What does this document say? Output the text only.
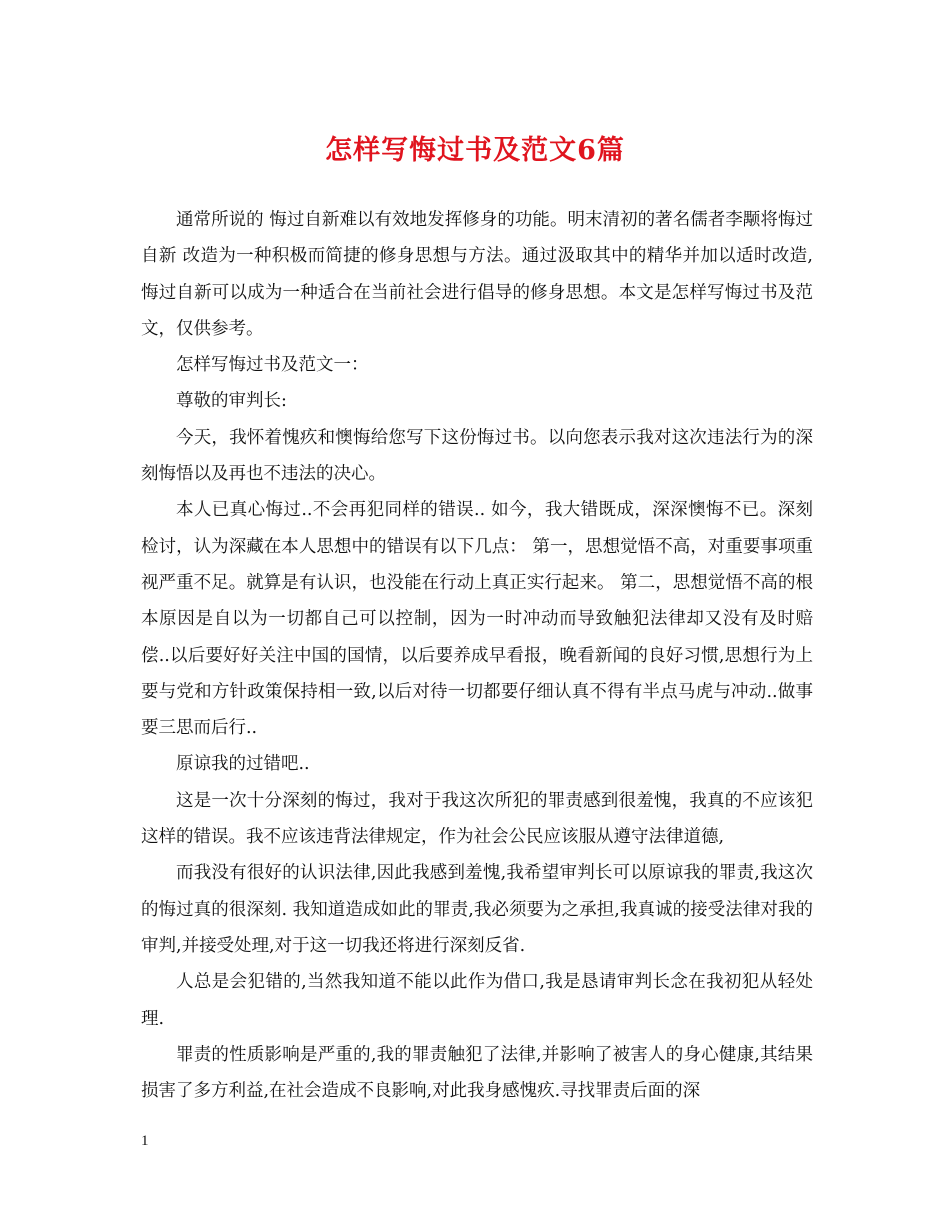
怎样写悔过书及范文6篇

通常所说的 悔过自新难以有效地发挥修身的功能。明末清初的著名儒者李颙将悔过自新 改造为一种积极而简捷的修身思想与方法。通过汲取其中的精华并加以适时改造, 悔过自新可以成为一种适合在当前社会进行倡导的修身思想。本文是怎样写悔过书及范文，仅供参考。

怎样写悔过书及范文一：

尊敬的审判长:

今天，我怀着愧疚和懊悔给您写下这份悔过书。以向您表示我对这次违法行为的深刻悔悟以及再也不违法的决心。

本人已真心悔过..不会再犯同样的错误.. 如今，我大错既成，深深懊悔不已。深刻检讨，认为深藏在本人思想中的错误有以下几点： 第一，思想觉悟不高，对重要事项重视严重不足。就算是有认识，也没能在行动上真正实行起来。 第二，思想觉悟不高的根本原因是自以为一切都自己可以控制，因为一时冲动而导致触犯法律却又没有及时赔偿..以后要好好关注中国的国情，以后要养成早看报，晚看新闻的良好习惯,思想行为上要与党和方针政策保持相一致,以后对待一切都要仔细认真不得有半点马虎与冲动..做事要三思而后行..

原谅我的过错吧..

这是一次十分深刻的悔过，我对于我这次所犯的罪责感到很羞愧，我真的不应该犯这样的错误。我不应该违背法律规定，作为社会公民应该服从遵守法律道德,

而我没有很好的认识法律,因此我感到羞愧,我希望审判长可以原谅我的罪责,我这次的悔过真的很深刻. 我知道造成如此的罪责,我必须要为之承担,我真诚的接受法律对我的审判,并接受处理,对于这一切我还将进行深刻反省.

人总是会犯错的,当然我知道不能以此作为借口,我是恳请审判长念在我初犯从轻处理.

罪责的性质影响是严重的,我的罪责触犯了法律,并影响了被害人的身心健康,其结果损害了多方利益,在社会造成不良影响,对此我身感愧疚.寻找罪责后面的深

1
